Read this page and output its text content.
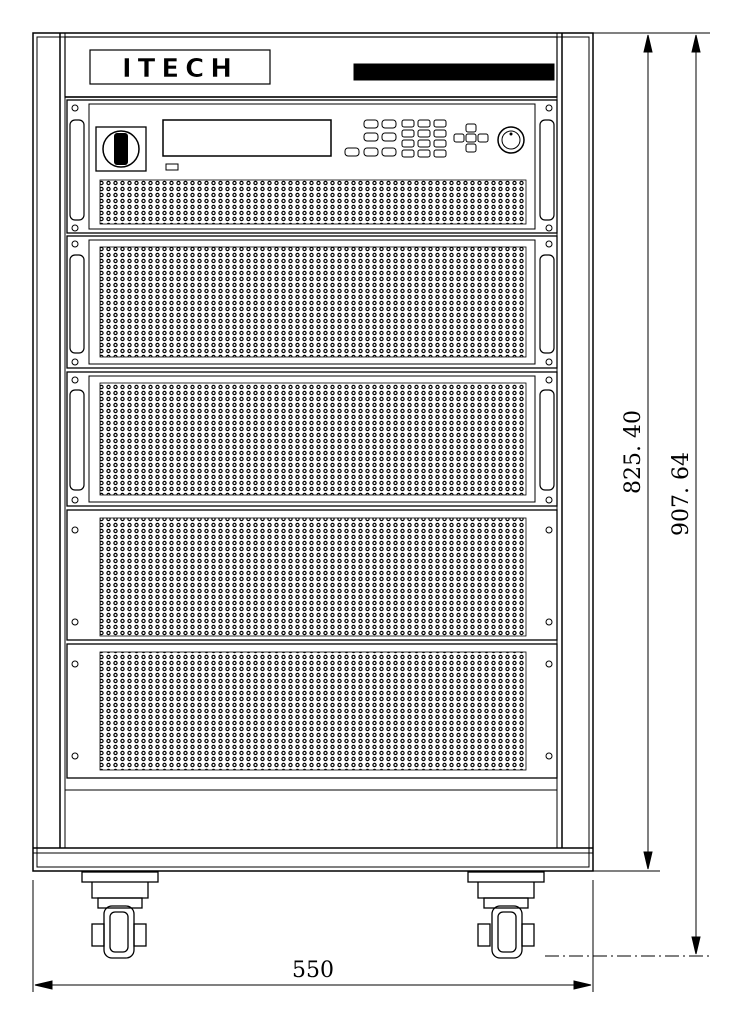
ITECH	Bi-directional DC Power Supply
550
825. 40
907. 64
